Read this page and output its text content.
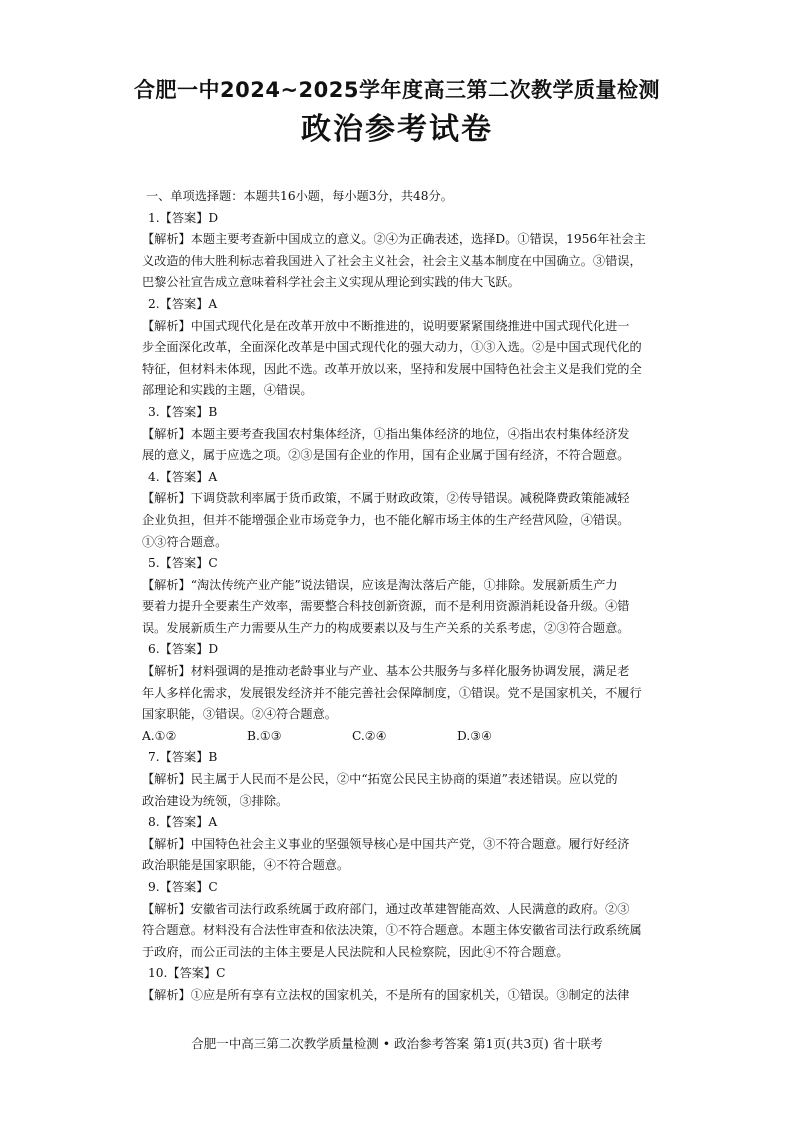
合肥一中2024~2025学年度高三第二次教学质量检测
政治参考试卷
一、单项选择题：本题共16小题，每小题3分，共48分。
1.【答案】D
【解析】本题主要考查新中国成立的意义。②④为正确表述，选择D。①错误，1956年社会主
义改造的伟大胜利标志着我国进入了社会主义社会，社会主义基本制度在中国确立。③错误，
巴黎公社宣告成立意味着科学社会主义实现从理论到实践的伟大飞跃。
2.【答案】A
【解析】中国式现代化是在改革开放中不断推进的，说明要紧紧围绕推进中国式现代化进一
步全面深化改革，全面深化改革是中国式现代化的强大动力，①③入选。②是中国式现代化的
特征，但材料未体现，因此不选。改革开放以来，坚持和发展中国特色社会主义是我们党的全
部理论和实践的主题，④错误。
3.【答案】B
【解析】本题主要考查我国农村集体经济，①指出集体经济的地位，④指出农村集体经济发
展的意义，属于应选之项。②③是国有企业的作用，国有企业属于国有经济，不符合题意。
4.【答案】A
【解析】下调贷款利率属于货币政策，不属于财政政策，②传导错误。减税降费政策能减轻
企业负担，但并不能增强企业市场竞争力，也不能化解市场主体的生产经营风险，④错误。
①③符合题意。
5.【答案】C
【解析】“淘汰传统产业产能”说法错误，应该是淘汰落后产能，①排除。发展新质生产力
要着力提升全要素生产效率，需要整合科技创新资源，而不是利用资源消耗设备升级。④错
误。发展新质生产力需要从生产力的构成要素以及与生产关系的关系考虑，②③符合题意。
6.【答案】D
【解析】材料强调的是推动老龄事业与产业、基本公共服务与多样化服务协调发展，满足老
年人多样化需求，发展银发经济并不能完善社会保障制度，①错误。党不是国家机关，不履行
国家职能，③错误。②④符合题意。
A.①②	B.①③	C.②④	D.③④
7.【答案】B
【解析】民主属于人民而不是公民，②中“拓宽公民民主协商的渠道”表述错误。应以党的
政治建设为统领，③排除。
8.【答案】A
【解析】中国特色社会主义事业的坚强领导核心是中国共产党，③不符合题意。履行好经济
政治职能是国家职能，④不符合题意。
9.【答案】C
【解析】安徽省司法行政系统属于政府部门，通过改革建智能高效、人民满意的政府。②③
符合题意。材料没有合法性审查和依法决策，①不符合题意。本题主体安徽省司法行政系统属
于政府，而公正司法的主体主要是人民法院和人民检察院，因此④不符合题意。
10.【答案】C
【解析】①应是所有享有立法权的国家机关，不是所有的国家机关，①错误。③制定的法律
合肥一中高三第二次教学质量检测 • 政治参考答案 第1页(共3页) 省十联考
